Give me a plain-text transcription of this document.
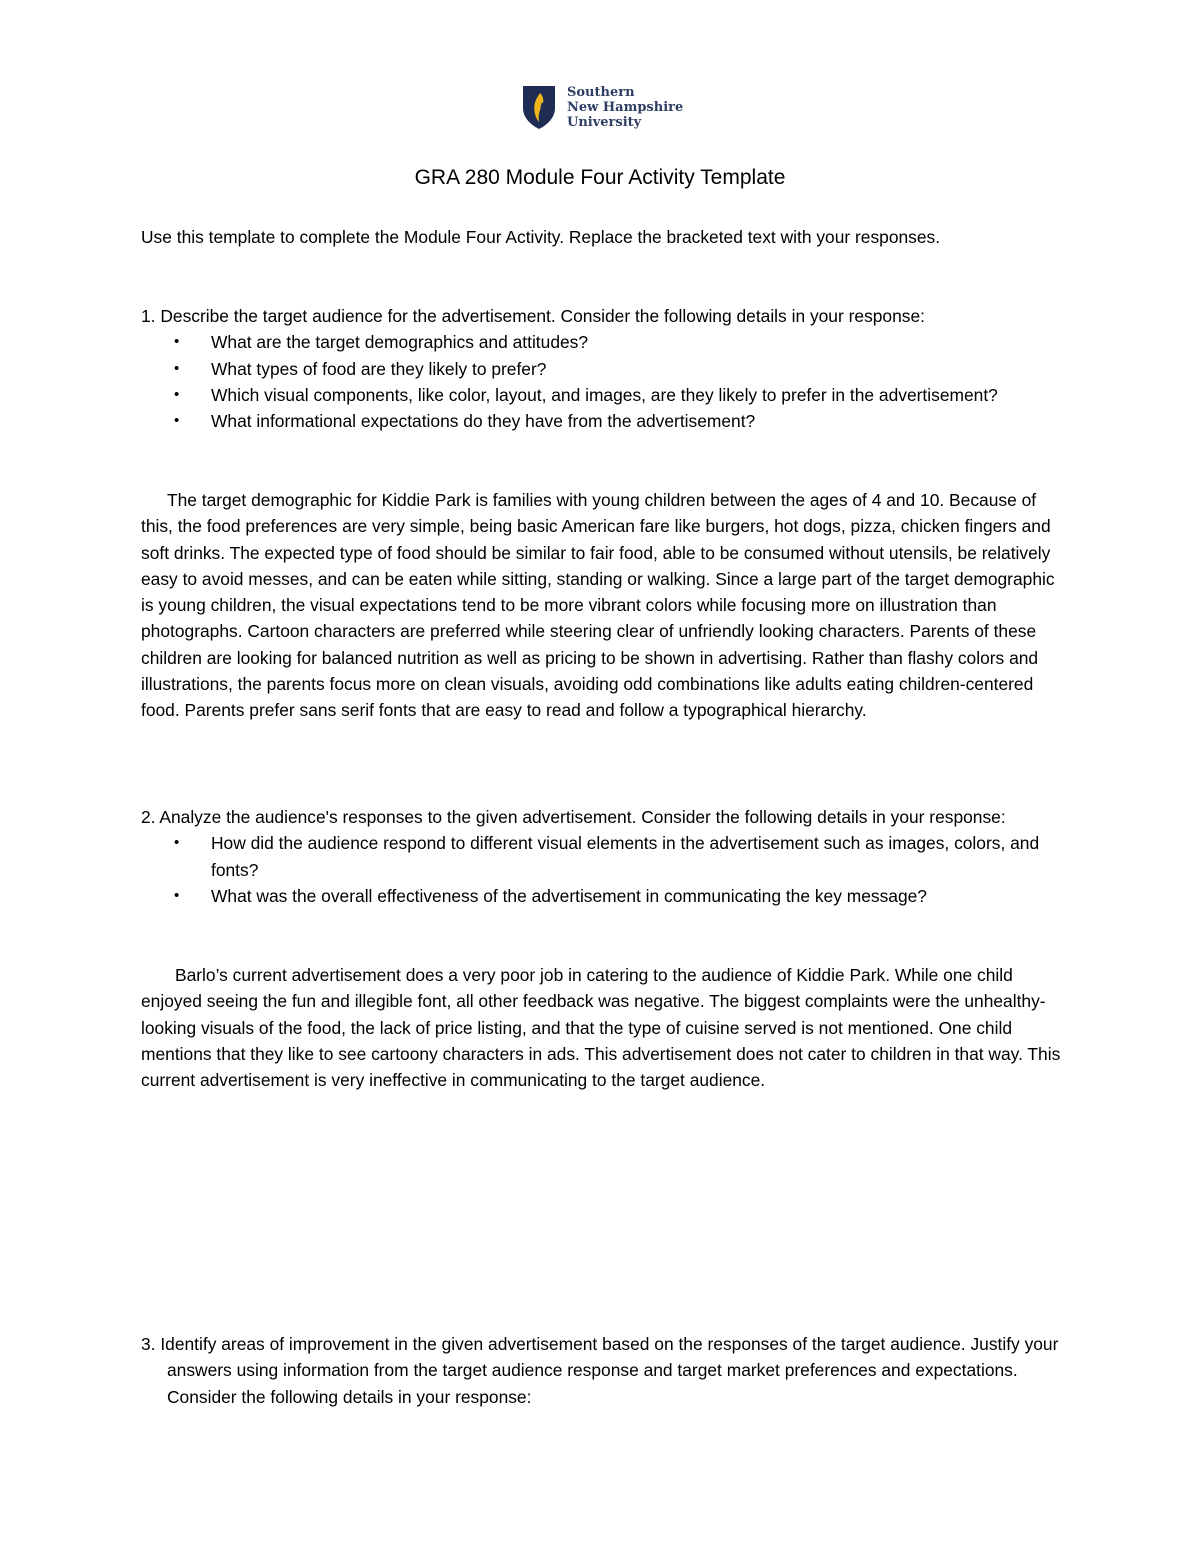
Southern
New Hampshire
University
GRA 280 Module Four Activity Template

Use this template to complete the Module Four Activity. Replace the bracketed text with your responses.

1. Describe the target audience for the advertisement. Consider the following details in your response:

• What are the target demographics and attitudes?
• What types of food are they likely to prefer?
• Which visual components, like color, layout, and images, are they likely to prefer in the advertisement?
• What informational expectations do they have from the advertisement?

The target demographic for Kiddie Park is families with young children between the ages of 4 and 10. Because of this, the food preferences are very simple, being basic American fare like burgers, hot dogs, pizza, chicken fingers and soft drinks. The expected type of food should be similar to fair food, able to be consumed without utensils, be relatively easy to avoid messes, and can be eaten while sitting, standing or walking. Since a large part of the target demographic is young children, the visual expectations tend to be more vibrant colors while focusing more on illustration than photographs. Cartoon characters are preferred while steering clear of unfriendly looking characters. Parents of these children are looking for balanced nutrition as well as pricing to be shown in advertising. Rather than flashy colors and illustrations, the parents focus more on clean visuals, avoiding odd combinations like adults eating children-centered food. Parents prefer sans serif fonts that are easy to read and follow a typographical hierarchy.

2. Analyze the audience's responses to the given advertisement. Consider the following details in your response:

• How did the audience respond to different visual elements in the advertisement such as images, colors, and fonts?
• What was the overall effectiveness of the advertisement in communicating the key message?

Barlo’s current advertisement does a very poor job in catering to the audience of Kiddie Park. While one child enjoyed seeing the fun and illegible font, all other feedback was negative. The biggest complaints were the unhealthy-looking visuals of the food, the lack of price listing, and that the type of cuisine served is not mentioned. One child mentions that they like to see cartoony characters in ads. This advertisement does not cater to children in that way. This current advertisement is very ineffective in communicating to the target audience.

3. Identify areas of improvement in the given advertisement based on the responses of the target audience. Justify your answers using information from the target audience response and target market preferences and expectations. Consider the following details in your response:
